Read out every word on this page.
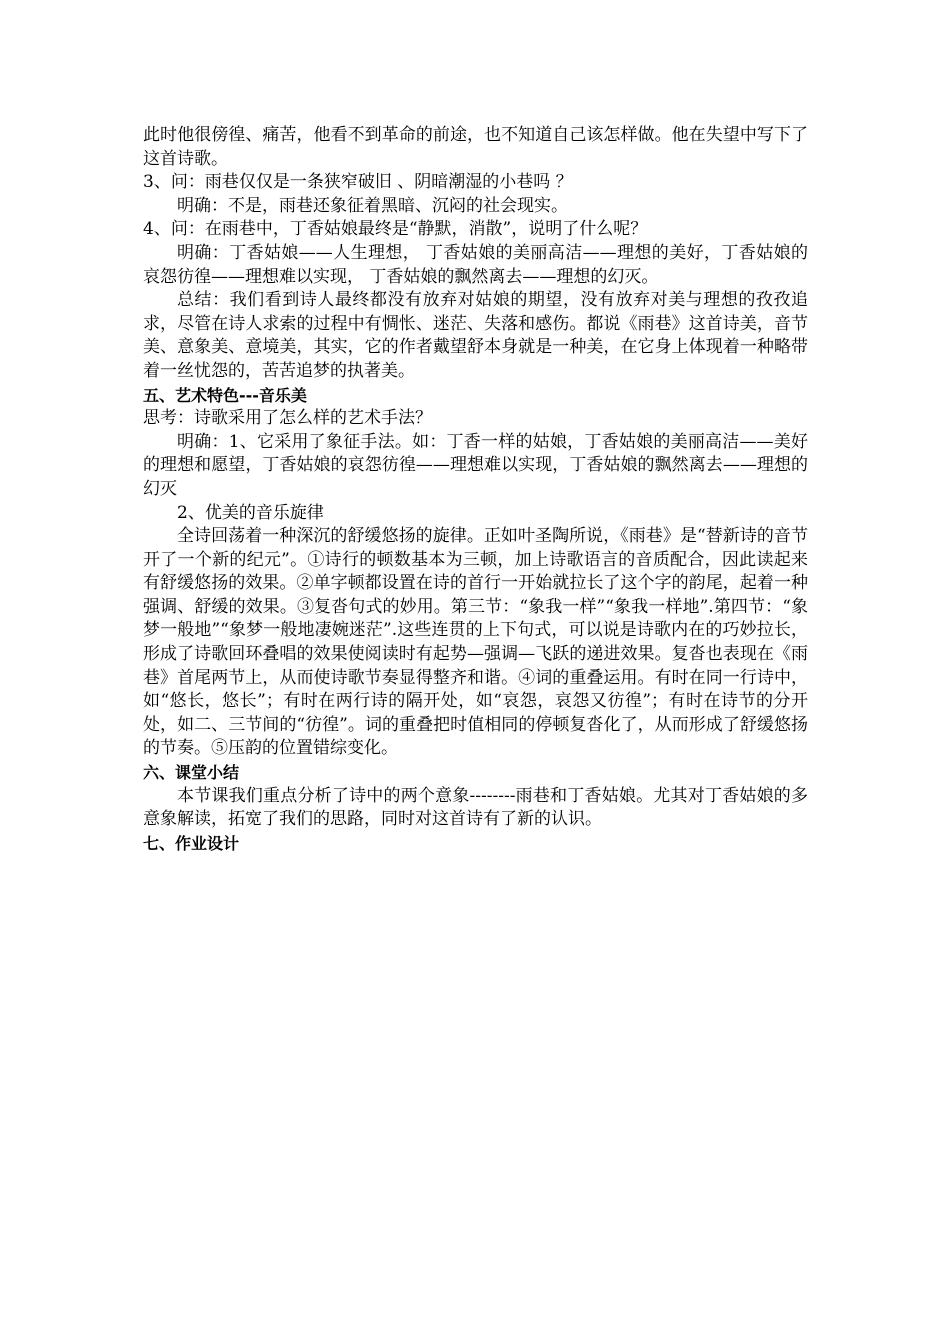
此时他很傍徨、痛苦，他看不到革命的前途，也不知道自己该怎样做。他在失望中写下了这首诗歌。

3、问：雨巷仅仅是一条狭窄破旧 、阴暗潮湿的小巷吗 ？

明确：不是，雨巷还象征着黑暗、沉闷的社会现实。

4、问：在雨巷中，丁香姑娘最终是“静默，消散”，说明了什么呢？

明确：丁香姑娘——人生理想， 丁香姑娘的美丽高洁——理想的美好，丁香姑娘的哀怨彷徨——理想难以实现， 丁香姑娘的飘然离去——理想的幻灭。

总结：我们看到诗人最终都没有放弃对姑娘的期望，没有放弃对美与理想的孜孜追求，尽管在诗人求索的过程中有惆怅、迷茫、失落和感伤。都说《雨巷》这首诗美，音节美、意象美、意境美，其实，它的作者戴望舒本身就是一种美，在它身上体现着一种略带着一丝忧怨的，苦苦追梦的执著美。

五、艺术特色---音乐美

思考：诗歌采用了怎么样的艺术手法？

明确：1、它采用了象征手法。如：丁香一样的姑娘，丁香姑娘的美丽高洁——美好的理想和愿望，丁香姑娘的哀怨彷徨——理想难以实现，丁香姑娘的飘然离去——理想的幻灭

2、优美的音乐旋律

全诗回荡着一种深沉的舒缓悠扬的旋律。正如叶圣陶所说，《雨巷》是“替新诗的音节开了一个新的纪元”。①诗行的顿数基本为三顿，加上诗歌语言的音质配合，因此读起来有舒缓悠扬的效果。②单字顿都设置在诗的首行一开始就拉长了这个字的韵尾，起着一种强调、舒缓的效果。③复沓句式的妙用。第三节：“象我一样”“象我一样地”.第四节：“象梦一般地”“象梦一般地凄婉迷茫”.这些连贯的上下句式，可以说是诗歌内在的巧妙拉长，形成了诗歌回环叠唱的效果使阅读时有起势—强调—飞跃的递进效果。复沓也表现在《雨巷》首尾两节上，从而使诗歌节奏显得整齐和谐。④词的重叠运用。有时在同一行诗中，如“悠长，悠长”；有时在两行诗的隔开处，如“哀怨，哀怨又彷徨”；有时在诗节的分开处，如二、三节间的“彷徨”。词的重叠把时值相同的停顿复沓化了，从而形成了舒缓悠扬的节奏。⑤压韵的位置错综变化。

六、课堂小结

本节课我们重点分析了诗中的两个意象--------雨巷和丁香姑娘。尤其对丁香姑娘的多意象解读，拓宽了我们的思路，同时对这首诗有了新的认识。

七、作业设计
